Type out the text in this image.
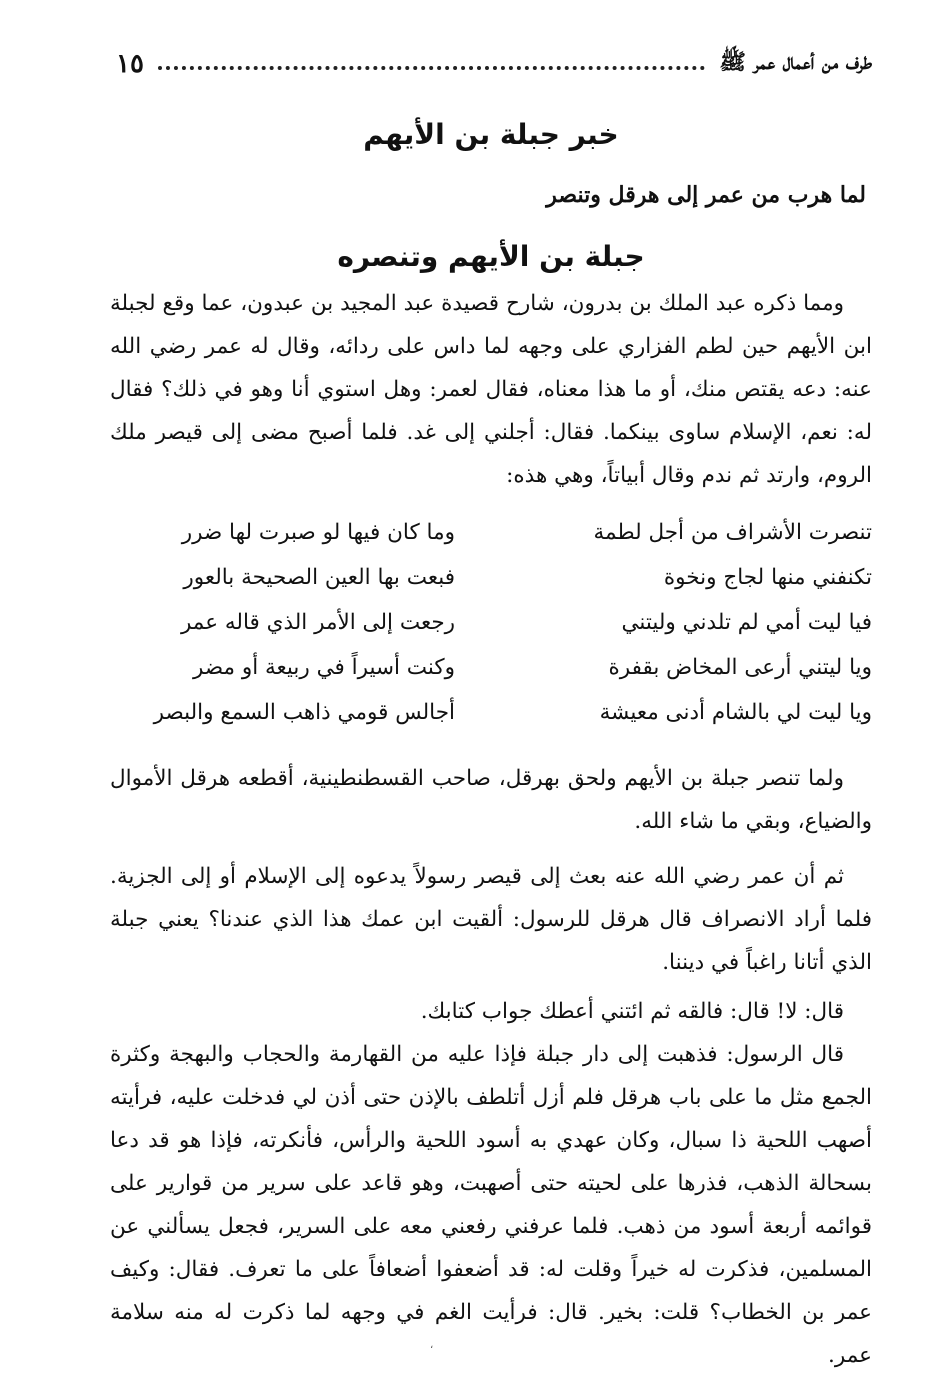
طرف من أعمال عمر ﷺ
١٥
خبر جبلة بن الأيهم
لما هرب من عمر إلى هرقل وتنصر
جبلة بن الأيهم وتنصره

ومما ذكره عبد الملك بن بدرون، شارح قصيدة عبد المجيد بن عبدون، عما وقع لجبلة ابن الأيهم حين لطم الفزاري على وجهه لما داس على ردائه، وقال له عمر رضي الله عنه: دعه يقتص منك، أو ما هذا معناه، فقال لعمر: وهل استوي أنا وهو في ذلك؟ فقال له: نعم، الإسلام ساوى بينكما. فقال: أجلني إلى غد. فلما أصبح مضى إلى قيصر ملك الروم، وارتد ثم ندم وقال أبياتاً، وهي هذه:

تنصرت الأشراف من أجل لطمة
وما كان فيها لو صبرت لها ضرر
تكنفني منها لجاج ونخوة
فبعت بها العين الصحيحة بالعور
فيا ليت أمي لم تلدني وليتني
رجعت إلى الأمر الذي قاله عمر
ويا ليتني أرعى المخاض بقفرة
وكنت أسيراً في ربيعة أو مضر
ويا ليت لي بالشام أدنى معيشة
أجالس قومي ذاهب السمع والبصر

ولما تنصر جبلة بن الأيهم ولحق بهرقل، صاحب القسطنطينية، أقطعه هرقل الأموال والضياع، وبقي ما شاء الله.

ثم أن عمر رضي الله عنه بعث إلى قيصر رسولاً يدعوه إلى الإسلام أو إلى الجزية. فلما أراد الانصراف قال هرقل للرسول: ألقيت ابن عمك هذا الذي عندنا؟ يعني جبلة الذي أتانا راغباً في ديننا.

قال: لا! قال: فالقه ثم ائتني أعطك جواب كتابك.

قال الرسول: فذهبت إلى دار جبلة فإذا عليه من القهارمة والحجاب والبهجة وكثرة الجمع مثل ما على باب هرقل فلم أزل أتلطف بالإذن حتى أذن لي فدخلت عليه، فرأيته أصهب اللحية ذا سبال، وكان عهدي به أسود اللحية والرأس، فأنكرته، فإذا هو قد دعا بسحالة الذهب، فذرها على لحيته حتى أصهبت، وهو قاعد على سرير من قوارير على قوائمه أربعة أسود من ذهب. فلما عرفني رفعني معه على السرير، فجعل يسألني عن المسلمين، فذكرت له خيراً وقلت له: قد أضعفوا أضعافاً على ما تعرف. فقال: وكيف عمر بن الخطاب؟ قلت: بخير. قال: فرأيت الغم في وجهه لما ذكرت له منه سلامة عمر.

،
